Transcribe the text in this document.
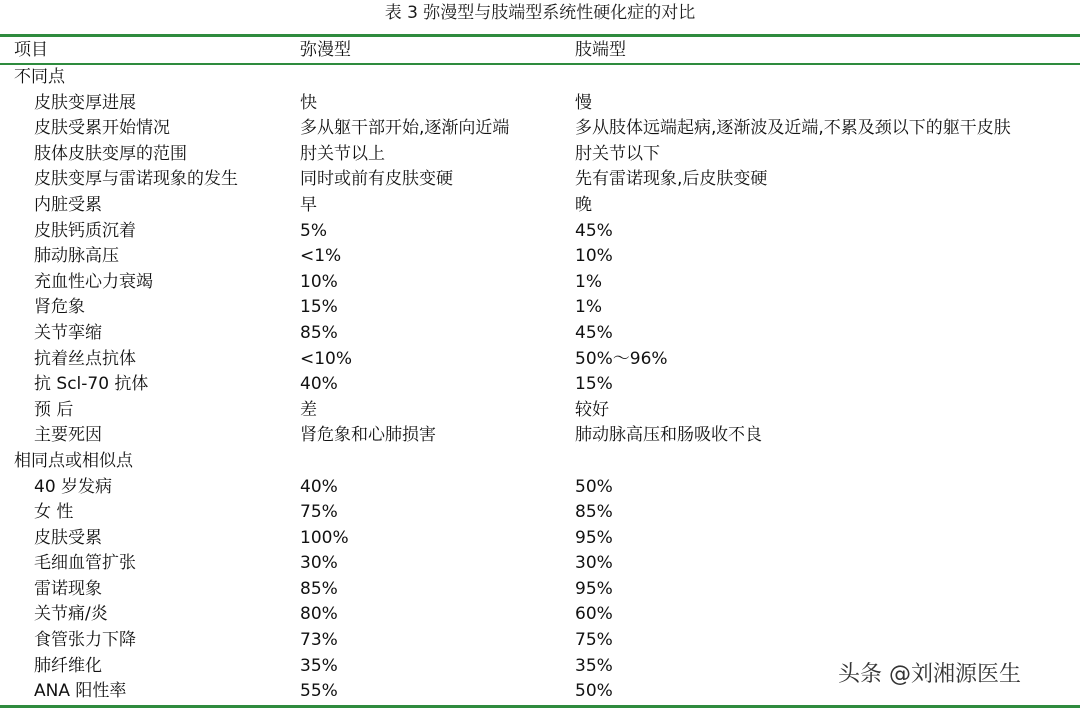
表 3 弥漫型与肢端型系统性硬化症的对比
项目	弥漫型	肢端型
不同点
皮肤变厚进展	快	慢
皮肤受累开始情况	多从躯干部开始,逐渐向近端	多从肢体远端起病,逐渐波及近端,不累及颈以下的躯干皮肤
肢体皮肤变厚的范围	肘关节以上	肘关节以下
皮肤变厚与雷诺现象的发生	同时或前有皮肤变硬	先有雷诺现象,后皮肤变硬
内脏受累	早	晚
皮肤钙质沉着	5%	45%
肺动脉高压	<1%	10%
充血性心力衰竭	10%	1%
肾危象	15%	1%
关节挛缩	85%	45%
抗着丝点抗体	<10%	50%～96%
抗 Scl-70 抗体	40%	15%
预 后	差	较好
主要死因	肾危象和心肺损害	肺动脉高压和肠吸收不良
相同点或相似点
40 岁发病	40%	50%
女 性	75%	85%
皮肤受累	100%	95%
毛细血管扩张	30%	30%
雷诺现象	85%	95%
关节痛/炎	80%	60%
食管张力下降	73%	75%
肺纤维化	35%	35%
ANA 阳性率	55%	50%
头条 @刘湘源医生
